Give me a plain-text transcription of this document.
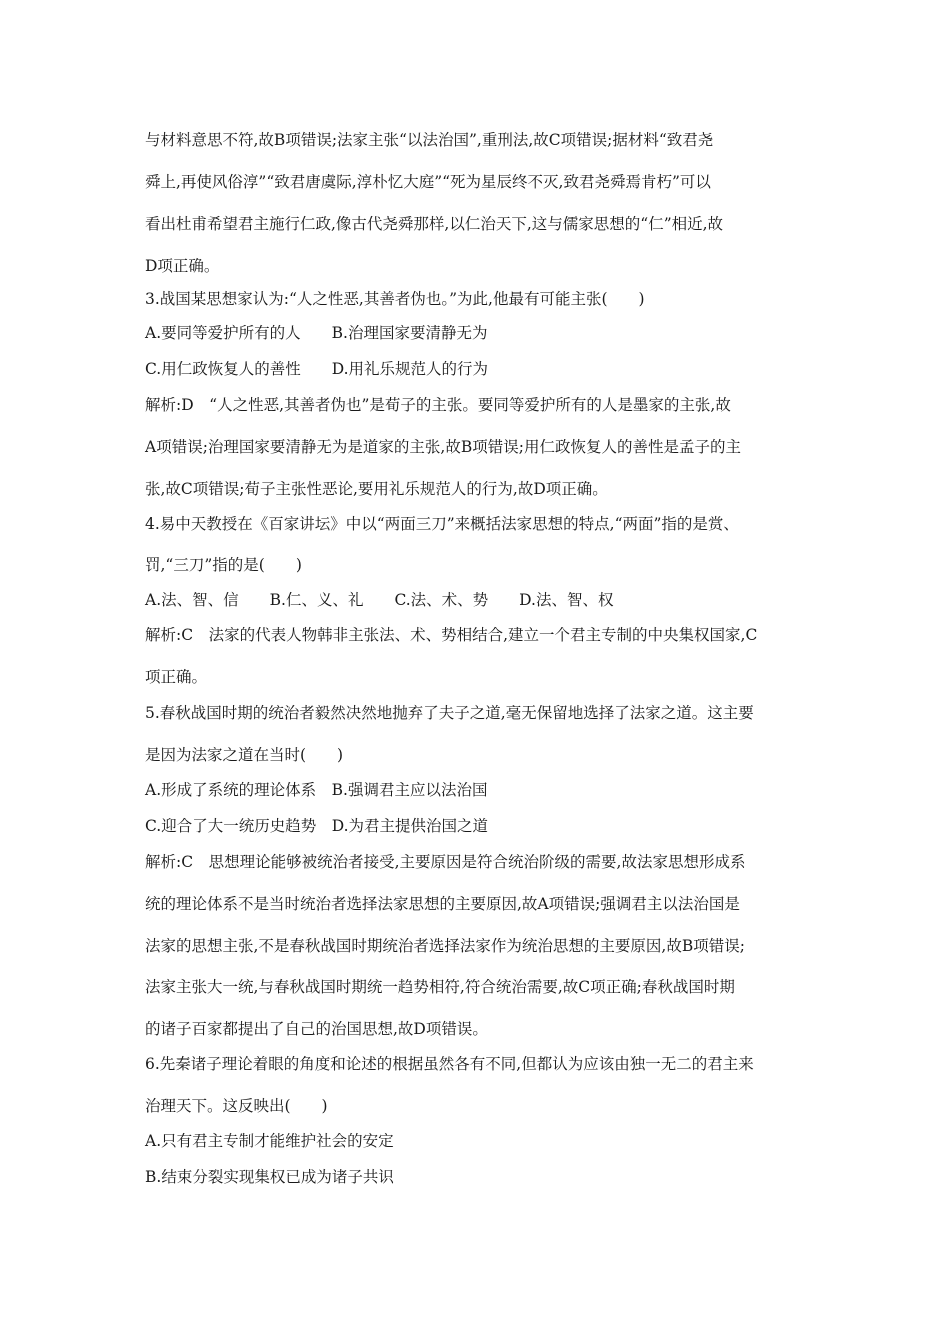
与材料意思不符,故B项错误;法家主张“以法治国”,重刑法,故C项错误;据材料“致君尧
舜上,再使风俗淳”“致君唐虞际,淳朴忆大庭”“死为星辰终不灭,致君尧舜焉肯朽”可以
看出杜甫希望君主施行仁政,像古代尧舜那样,以仁治天下,这与儒家思想的“仁”相近,故
D项正确。
3.战国某思想家认为:“人之性恶,其善者伪也。”为此,他最有可能主张(　　)
A.要同等爱护所有的人　　B.治理国家要清静无为
C.用仁政恢复人的善性　　D.用礼乐规范人的行为
解析:D　“人之性恶,其善者伪也”是荀子的主张。要同等爱护所有的人是墨家的主张,故
A项错误;治理国家要清静无为是道家的主张,故B项错误;用仁政恢复人的善性是孟子的主
张,故C项错误;荀子主张性恶论,要用礼乐规范人的行为,故D项正确。
4.易中天教授在《百家讲坛》中以“两面三刀”来概括法家思想的特点,“两面”指的是赏、
罚,“三刀”指的是(　　)
A.法、智、信　　B.仁、义、礼　　C.法、术、势　　D.法、智、权
解析:C　法家的代表人物韩非主张法、术、势相结合,建立一个君主专制的中央集权国家,C
项正确。
5.春秋战国时期的统治者毅然决然地抛弃了夫子之道,毫无保留地选择了法家之道。这主要
是因为法家之道在当时(　　)
A.形成了系统的理论体系　B.强调君主应以法治国
C.迎合了大一统历史趋势　D.为君主提供治国之道
解析:C　思想理论能够被统治者接受,主要原因是符合统治阶级的需要,故法家思想形成系
统的理论体系不是当时统治者选择法家思想的主要原因,故A项错误;强调君主以法治国是
法家的思想主张,不是春秋战国时期统治者选择法家作为统治思想的主要原因,故B项错误;
法家主张大一统,与春秋战国时期统一趋势相符,符合统治需要,故C项正确;春秋战国时期
的诸子百家都提出了自己的治国思想,故D项错误。
6.先秦诸子理论着眼的角度和论述的根据虽然各有不同,但都认为应该由独一无二的君主来
治理天下。这反映出(　　)
A.只有君主专制才能维护社会的安定
B.结束分裂实现集权已成为诸子共识
